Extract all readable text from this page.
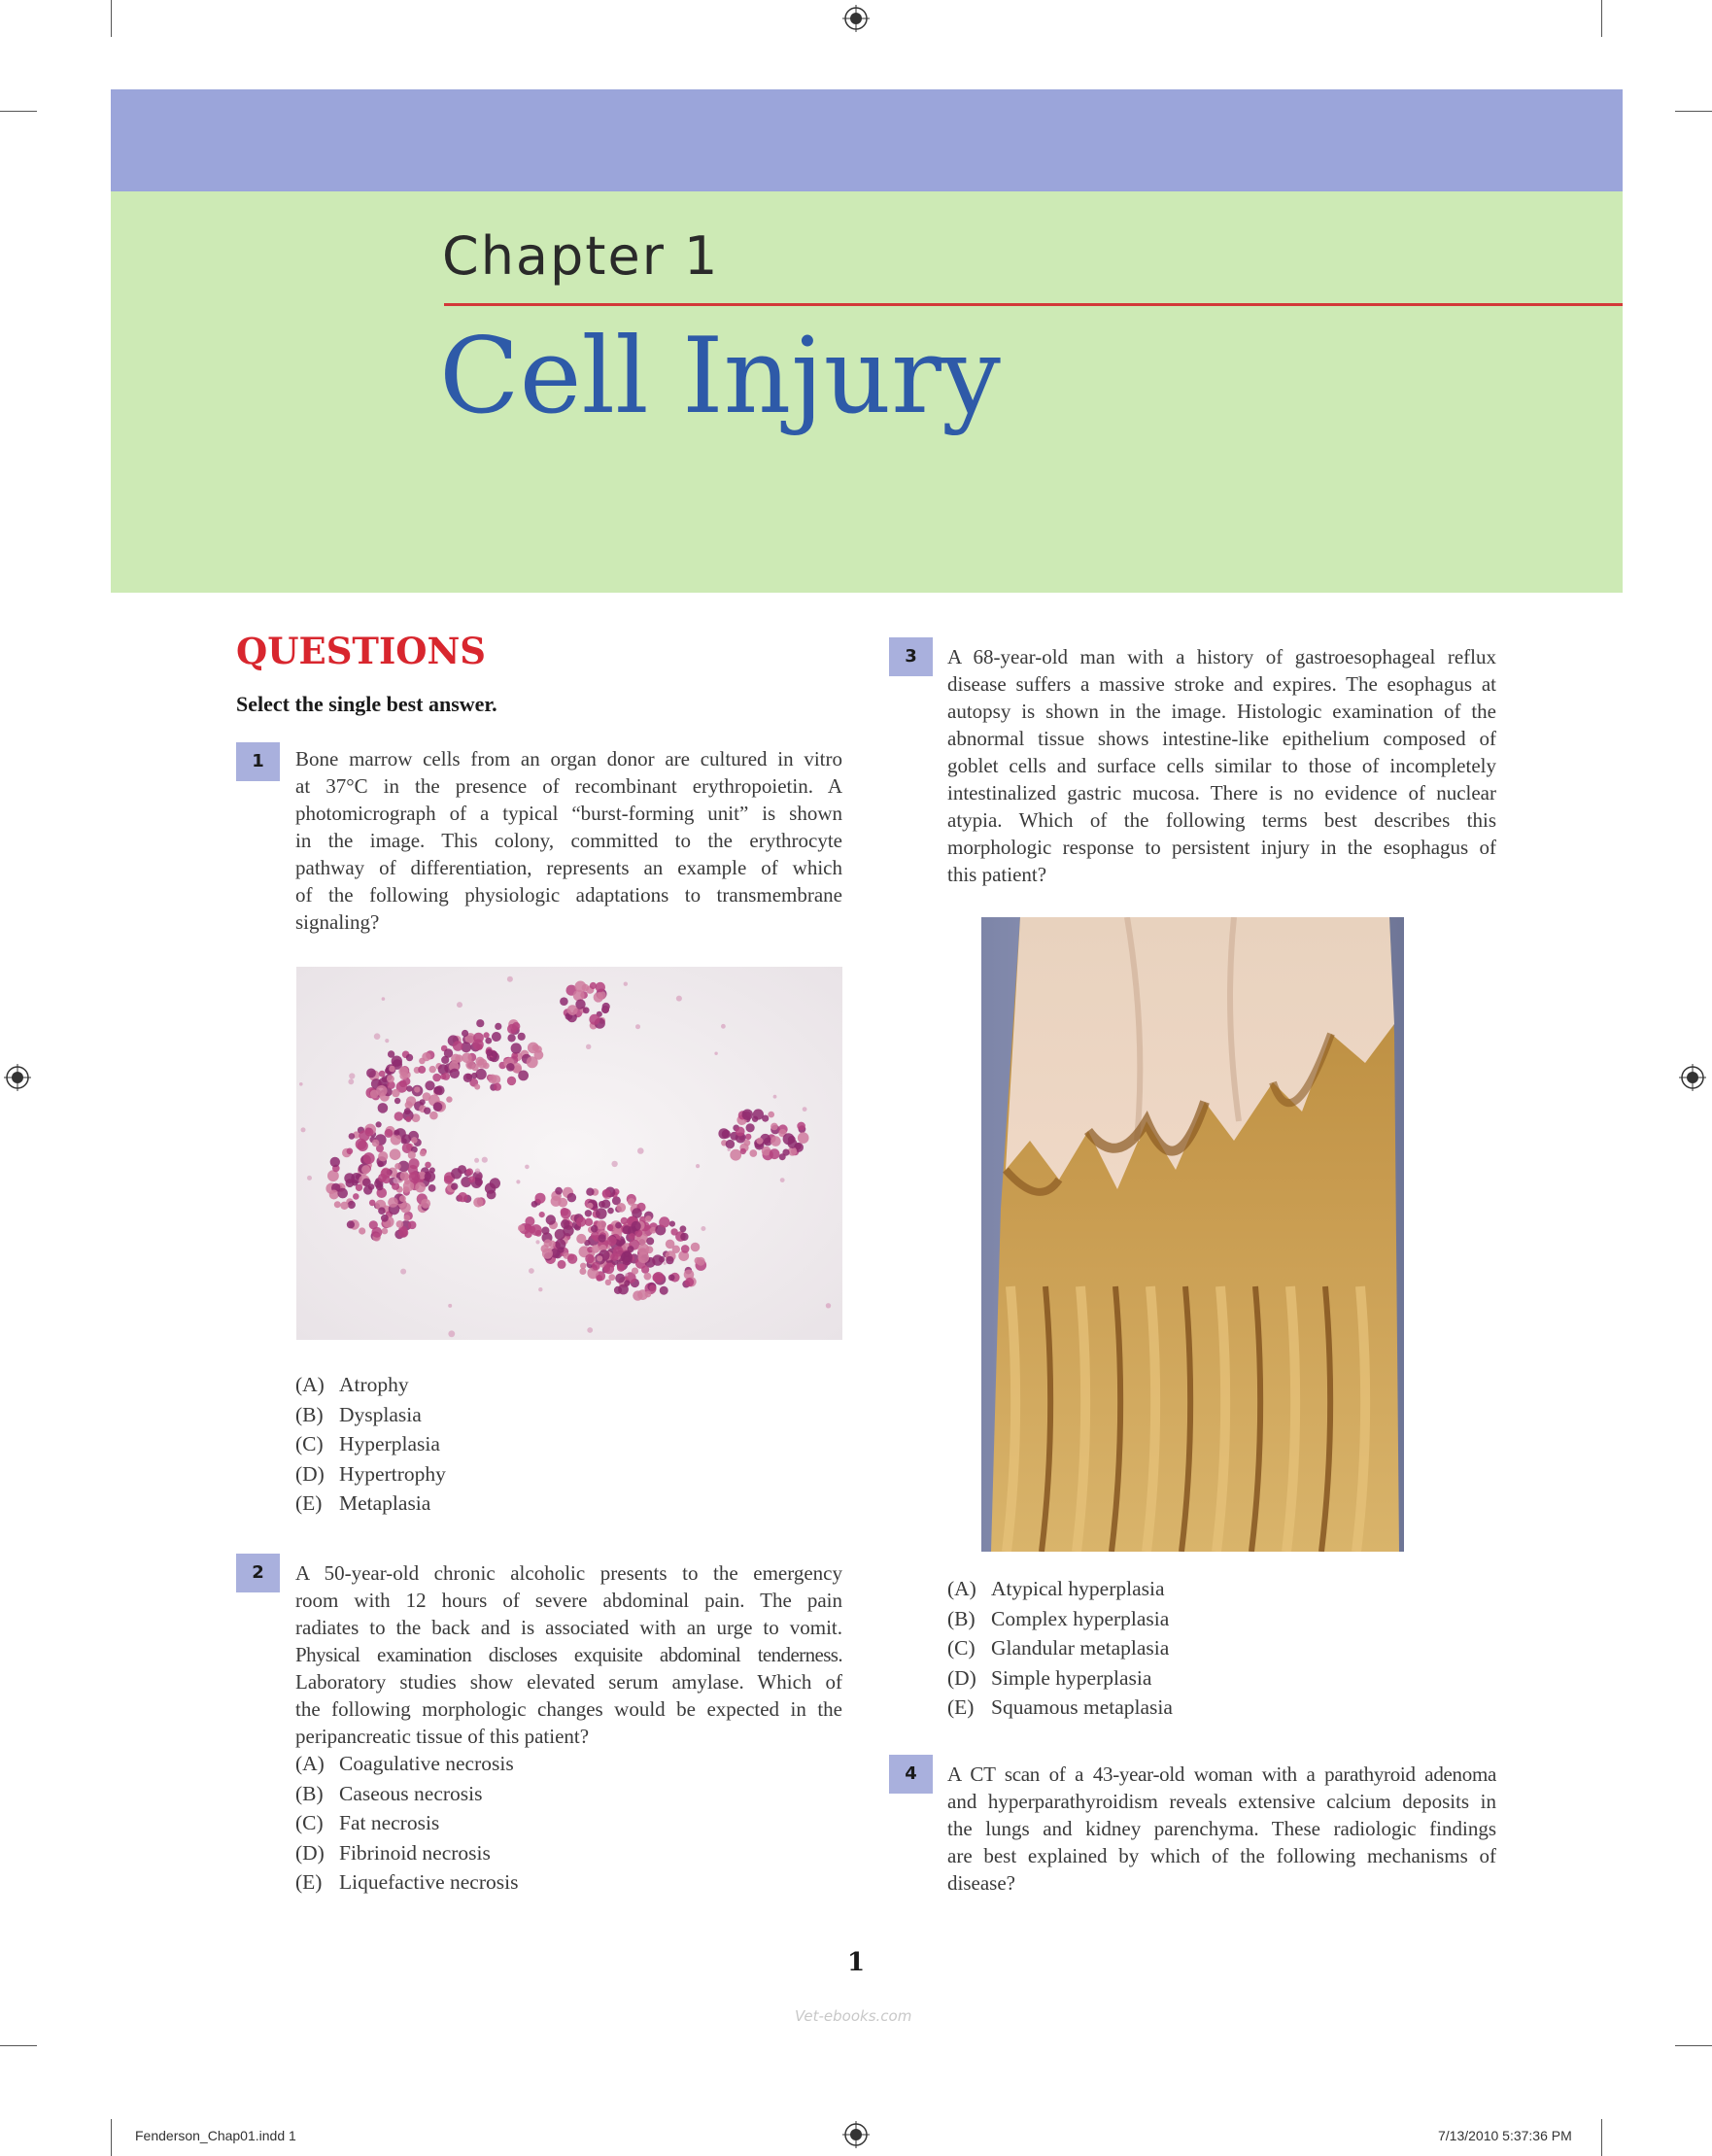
Chapter 1
Cell Injury
QUESTIONS
Select the single best answer.
1	Bone marrow cells from an organ donor are cultured in vitro
at 37°C in the presence of recombinant erythropoietin. A
photomicrograph of a typical “burst-forming unit” is shown
in the image. This colony, committed to the erythrocyte
pathway of differentiation, represents an example of which
of the following physiologic adaptations to transmembrane
signaling?
(A) Atrophy
(B) Dysplasia
(C) Hyperplasia
(D) Hypertrophy
(E) Metaplasia
2	A 50-year-old chronic alcoholic presents to the emergency
room with 12 hours of severe abdominal pain. The pain
radiates to the back and is associated with an urge to vomit.
Physical examination discloses exquisite abdominal tenderness.
Laboratory studies show elevated serum amylase. Which of
the following morphologic changes would be expected in the
peripancreatic tissue of this patient?
(A) Coagulative necrosis
(B) Caseous necrosis
(C) Fat necrosis
(D) Fibrinoid necrosis
(E) Liquefactive necrosis
3	A 68-year-old man with a history of gastroesophageal reflux
disease suffers a massive stroke and expires. The esophagus at
autopsy is shown in the image. Histologic examination of the
abnormal tissue shows intestine-like epithelium composed of
goblet cells and surface cells similar to those of incompletely
intestinalized gastric mucosa. There is no evidence of nuclear
atypia. Which of the following terms best describes this
morphologic response to persistent injury in the esophagus of
this patient?
(A) Atypical hyperplasia
(B) Complex hyperplasia
(C) Glandular metaplasia
(D) Simple hyperplasia
(E) Squamous metaplasia
4	A CT scan of a 43-year-old woman with a parathyroid adenoma
and hyperparathyroidism reveals extensive calcium deposits in
the lungs and kidney parenchyma. These radiologic findings
are best explained by which of the following mechanisms of
disease?
1
Vet-ebooks.com
Fenderson_Chap01.indd 1	7/13/2010 5:37:36 PM
